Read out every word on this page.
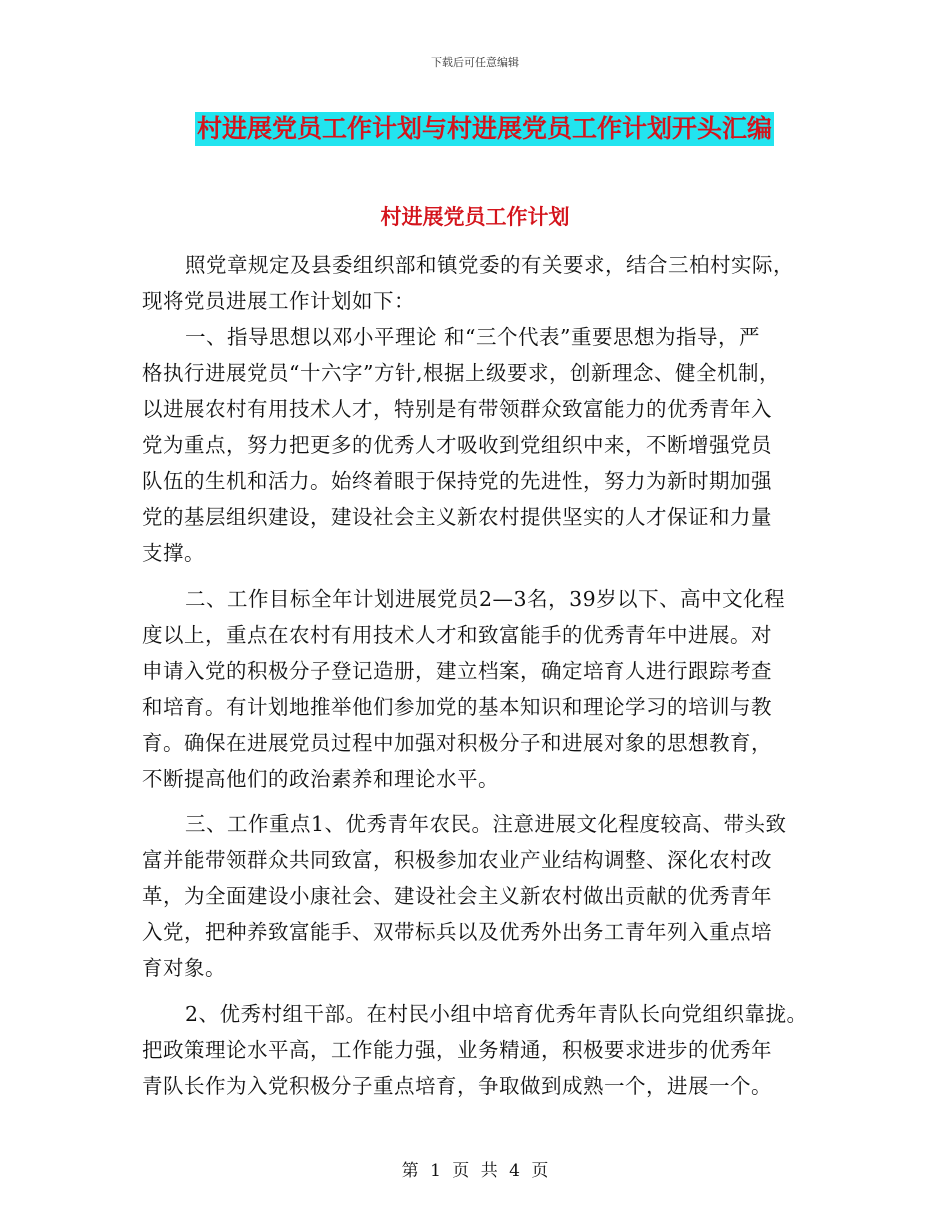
下载后可任意编辑
村进展党员工作计划与村进展党员工作计划开头汇编
村进展党员工作计划
照党章规定及县委组织部和镇党委的有关要求，结合三柏村实际，
现将党员进展工作计划如下：
一、指导思想以邓小平理论 和“三个代表”重要思想为指导，严
格执行进展党员“十六字”方针,根据上级要求，创新理念、健全机制，
以进展农村有用技术人才，特别是有带领群众致富能力的优秀青年入
党为重点，努力把更多的优秀人才吸收到党组织中来，不断增强党员
队伍的生机和活力。始终着眼于保持党的先进性，努力为新时期加强
党的基层组织建设，建设社会主义新农村提供坚实的人才保证和力量
支撑。
二、工作目标全年计划进展党员2—3名，39岁以下、高中文化程
度以上，重点在农村有用技术人才和致富能手的优秀青年中进展。对
申请入党的积极分子登记造册，建立档案，确定培育人进行跟踪考查
和培育。有计划地推举他们参加党的基本知识和理论学习的培训与教
育。确保在进展党员过程中加强对积极分子和进展对象的思想教育，
不断提高他们的政治素养和理论水平。
三、工作重点1、优秀青年农民。注意进展文化程度较高、带头致
富并能带领群众共同致富，积极参加农业产业结构调整、深化农村改
革，为全面建设小康社会、建设社会主义新农村做出贡献的优秀青年
入党，把种养致富能手、双带标兵以及优秀外出务工青年列入重点培
育对象。
2、优秀村组干部。在村民小组中培育优秀年青队长向党组织靠拢。
把政策理论水平高，工作能力强，业务精通，积极要求进步的优秀年
青队长作为入党积极分子重点培育，争取做到成熟一个，进展一个。
第 1 页 共 4 页
